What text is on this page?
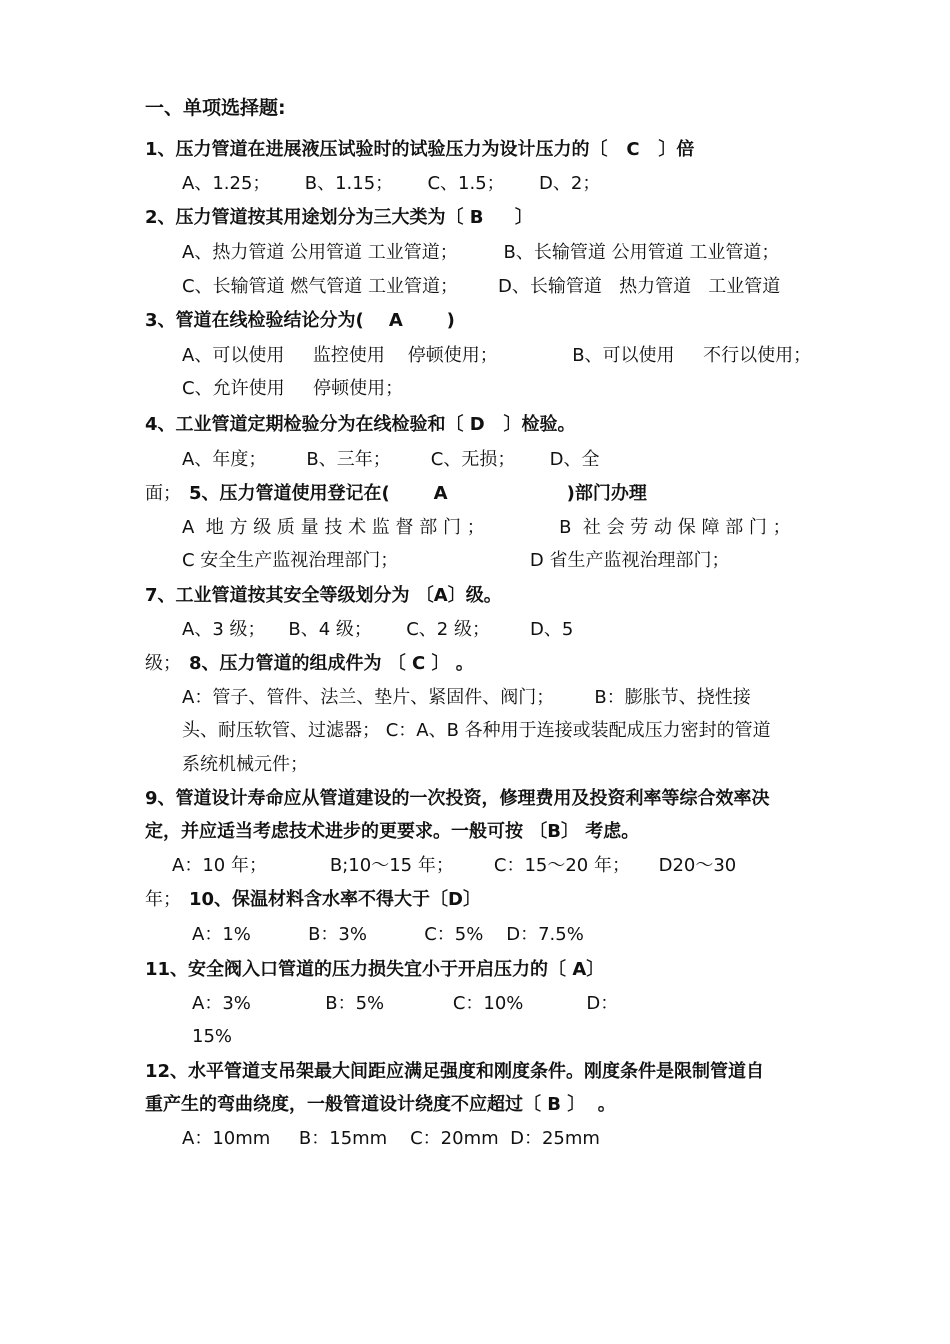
一、单项选择题:
1、压力管道在进展液压试验时的试验压力为设计压力的〔   C   〕倍
A、1.25；      B、1.15；      C、1.5；      D、2；
2、压力管道按其用途划分为三大类为〔 B     〕
A、热力管道 公用管道 工业管道；        B、长输管道 公用管道 工业管道；
C、长输管道 燃气管道 工业管道；       D、长输管道   热力管道   工业管道
3、管道在线检验结论分为(    A       )
A、可以使用     监控使用    停顿使用；             B、可以使用     不行以使用；
C、允许使用     停顿使用；
4、工业管道定期检验分为在线检验和〔 D   〕检验。
A、年度；       B、三年；       C、无损；      D、全
面； 5、压力管道使用登记在(       A                   )部门办理
A  地 方 级 质 量 技 术 监 督 部 门 ；             B  社 会 劳 动 保 障 部 门 ；
C 安全生产监视治理部门；                       D 省生产监视治理部门；
7、工业管道按其安全等级划分为 〔A〕级。
A、3 级；    B、4 级；      C、2 级；       D、5
级； 8、压力管道的组成件为 〔 C 〕 。
A：管子、管件、法兰、垫片、紧固件、阀门；       B：膨胀节、挠性接
头、耐压软管、过滤器； C：A、B 各种用于连接或装配成压力密封的管道
系统机械元件；
9、管道设计寿命应从管道建设的一次投资，修理费用及投资利率等综合效率决
定，并应适当考虑技术进步的更要求。一般可按 〔B〕 考虑。
A：10 年；           B;10～15 年；       C：15～20 年；     D20～30
年； 10、保温材料含水率不得大于〔D〕
A：1%          B：3%          C：5%    D：7.5%
11、安全阀入口管道的压力损失宜小于开启压力的〔 A〕
A：3%             B：5%            C：10%           D：
15%
12、水平管道支吊架最大间距应满足强度和刚度条件。刚度条件是限制管道自
重产生的弯曲绕度，一般管道设计绕度不应超过〔 B 〕  。
A：10mm     B：15mm    C：20mm  D：25mm
